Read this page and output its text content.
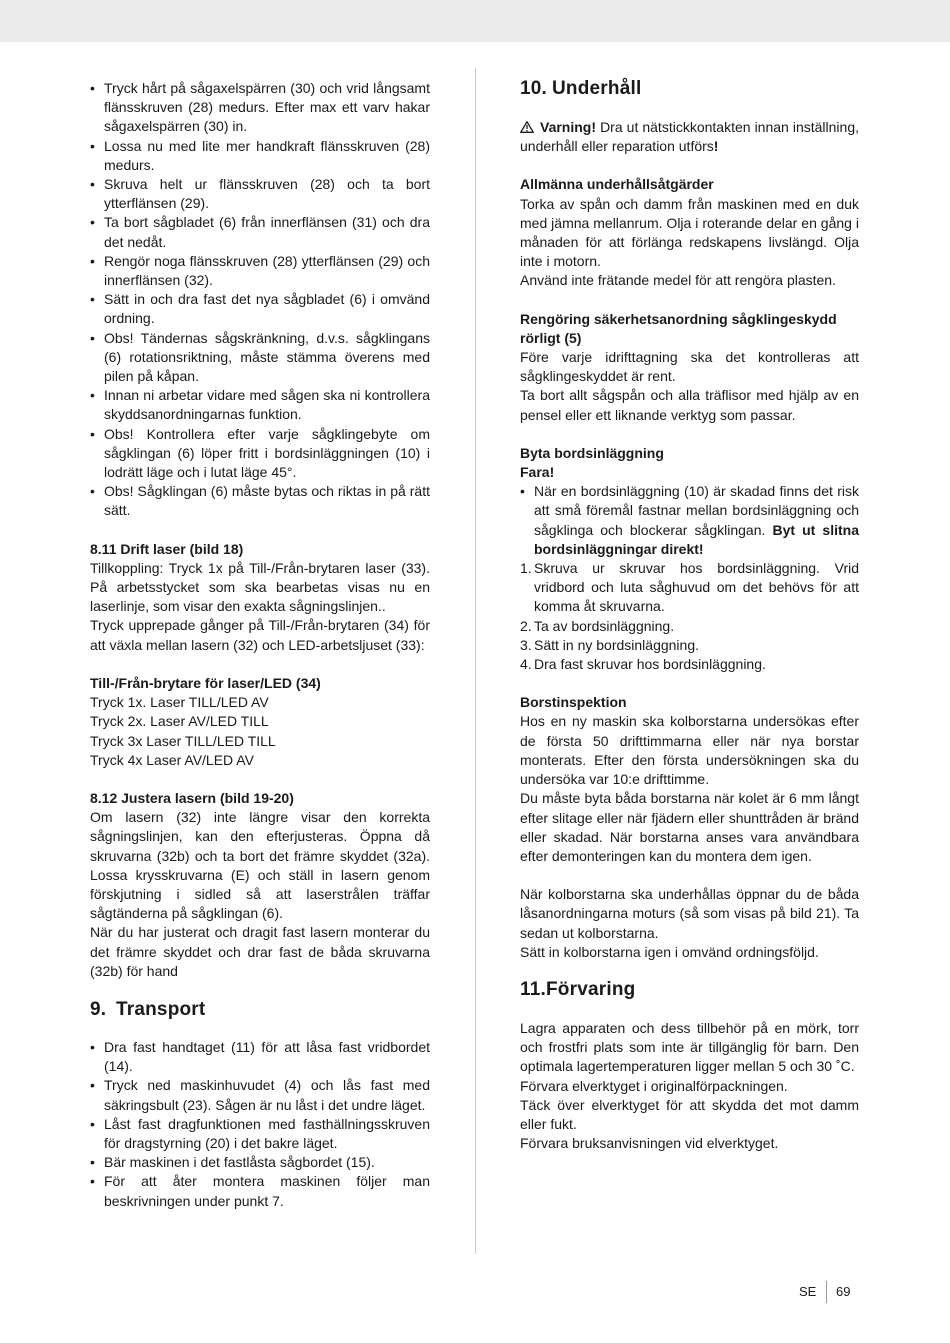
• Tryck hårt på sågaxelspärren (30) och vrid långsamt flänsskruven (28) medurs. Efter max ett varv hakar sågaxelspärren (30) in.
• Lossa nu med lite mer handkraft flänsskruven (28) medurs.
• Skruva helt ur flänsskruven (28) och ta bort ytterflänsen (29).
• Ta bort sågbladet (6) från innerflänsen (31) och dra det nedåt.
• Rengör noga flänsskruven (28) ytterflänsen (29) och innerflänsen (32).
• Sätt in och dra fast det nya sågbladet (6) i omvänd ordning.
• Obs! Tändernas sågskränkning, d.v.s. sågklingans (6) rotationsriktning, måste stämma överens med pilen på kåpan.
• Innan ni arbetar vidare med sågen ska ni kontrollera skyddsanordningarnas funktion.
• Obs! Kontrollera efter varje sågklingebyte om sågklingan (6) löper fritt i bordsinläggningen (10) i lodrätt läge och i lutat läge 45°.
• Obs! Sågklingan (6) måste bytas och riktas in på rätt sätt.

8.11 Drift laser (bild 18)

Tillkoppling: Tryck 1x på Till-/Från-brytaren laser (33). På arbetsstycket som ska bearbetas visas nu en laserlinje, som visar den exakta sågningslinjen..

Tryck upprepade gånger på Till-/Från-brytaren (34) för att växla mellan lasern (32) och LED-arbetsljuset (33):

Till-/Från-brytare för laser/LED (34)

Tryck 1x. Laser TILL/LED AV

Tryck 2x. Laser AV/LED TILL

Tryck 3x Laser TILL/LED TILL

Tryck 4x Laser AV/LED AV

8.12 Justera lasern (bild 19-20)

Om lasern (32) inte längre visar den korrekta sågningslinjen, kan den efterjusteras. Öppna då skruvarna (32b) och ta bort det främre skyddet (32a). Lossa krysskruvarna (E) och ställ in lasern genom förskjutning i sidled så att laserstrålen träffar sågtänderna på sågklingan (6).

När du har justerat och dragit fast lasern monterar du det främre skyddet och drar fast de båda skruvarna (32b) för hand

9. Transport
• Dra fast handtaget (11) för att låsa fast vridbordet (14).
• Tryck ned maskinhuvudet (4) och lås fast med säkringsbult (23). Sågen är nu låst i det undre läget.
• Låst fast dragfunktionen med fasthällningsskruven för dragstyrning (20) i det bakre läget.
• Bär maskinen i det fastlåsta sågbordet (15).
• För att åter montera maskinen följer man beskrivningen under punkt 7.
10. Underhåll

Varning! Dra ut nätstickkontakten innan inställning, underhåll eller reparation utförs!

Allmänna underhållsåtgärder

Torka av spån och damm från maskinen med en duk med jämna mellanrum. Olja i roterande delar en gång i månaden för att förlänga redskapens livslängd. Olja inte i motorn.

Använd inte frätande medel för att rengöra plasten.

Rengöring säkerhetsanordning sågklingeskydd rörligt (5)

Före varje idrifttagning ska det kontrolleras att sågklingeskyddet är rent.

Ta bort allt sågspån och alla träflisor med hjälp av en pensel eller ett liknande verktyg som passar.

Byta bordsinläggning

Fara!

• När en bordsinläggning (10) är skadad finns det risk att små föremål fastnar mellan bordsinläggning och sågklinga och blockerar sågklingan. Byt ut slitna bordsinläggningar direkt!
1. Skruva ur skruvar hos bordsinläggning. Vrid vridbord och luta såghuvud om det behövs för att komma åt skruvarna.
2. Ta av bordsinläggning.
3. Sätt in ny bordsinläggning.
4. Dra fast skruvar hos bordsinläggning.

Borstinspektion

Hos en ny maskin ska kolborstarna undersökas efter de första 50 drifttimmarna eller när nya borstar monterats. Efter den första undersökningen ska du undersöka var 10:e drifttimme.

Du måste byta båda borstarna när kolet är 6 mm långt efter slitage eller när fjädern eller shunttråden är bränd eller skadad. När borstarna anses vara användbara efter demonteringen kan du montera dem igen.

När kolborstarna ska underhållas öppnar du de båda låsanordningarna moturs (så som visas på bild 21). Ta sedan ut kolborstarna.

Sätt in kolborstarna igen i omvänd ordningsföljd.

11.Förvaring

Lagra apparaten och dess tillbehör på en mörk, torr och frostfri plats som inte är tillgänglig för barn. Den optimala lagertemperaturen ligger mellan 5 och 30 ˚C.

Förvara elverktyget i originalförpackningen.

Täck över elverktyget för att skydda det mot damm eller fukt.

Förvara bruksanvisningen vid elverktyget.

SE 69
